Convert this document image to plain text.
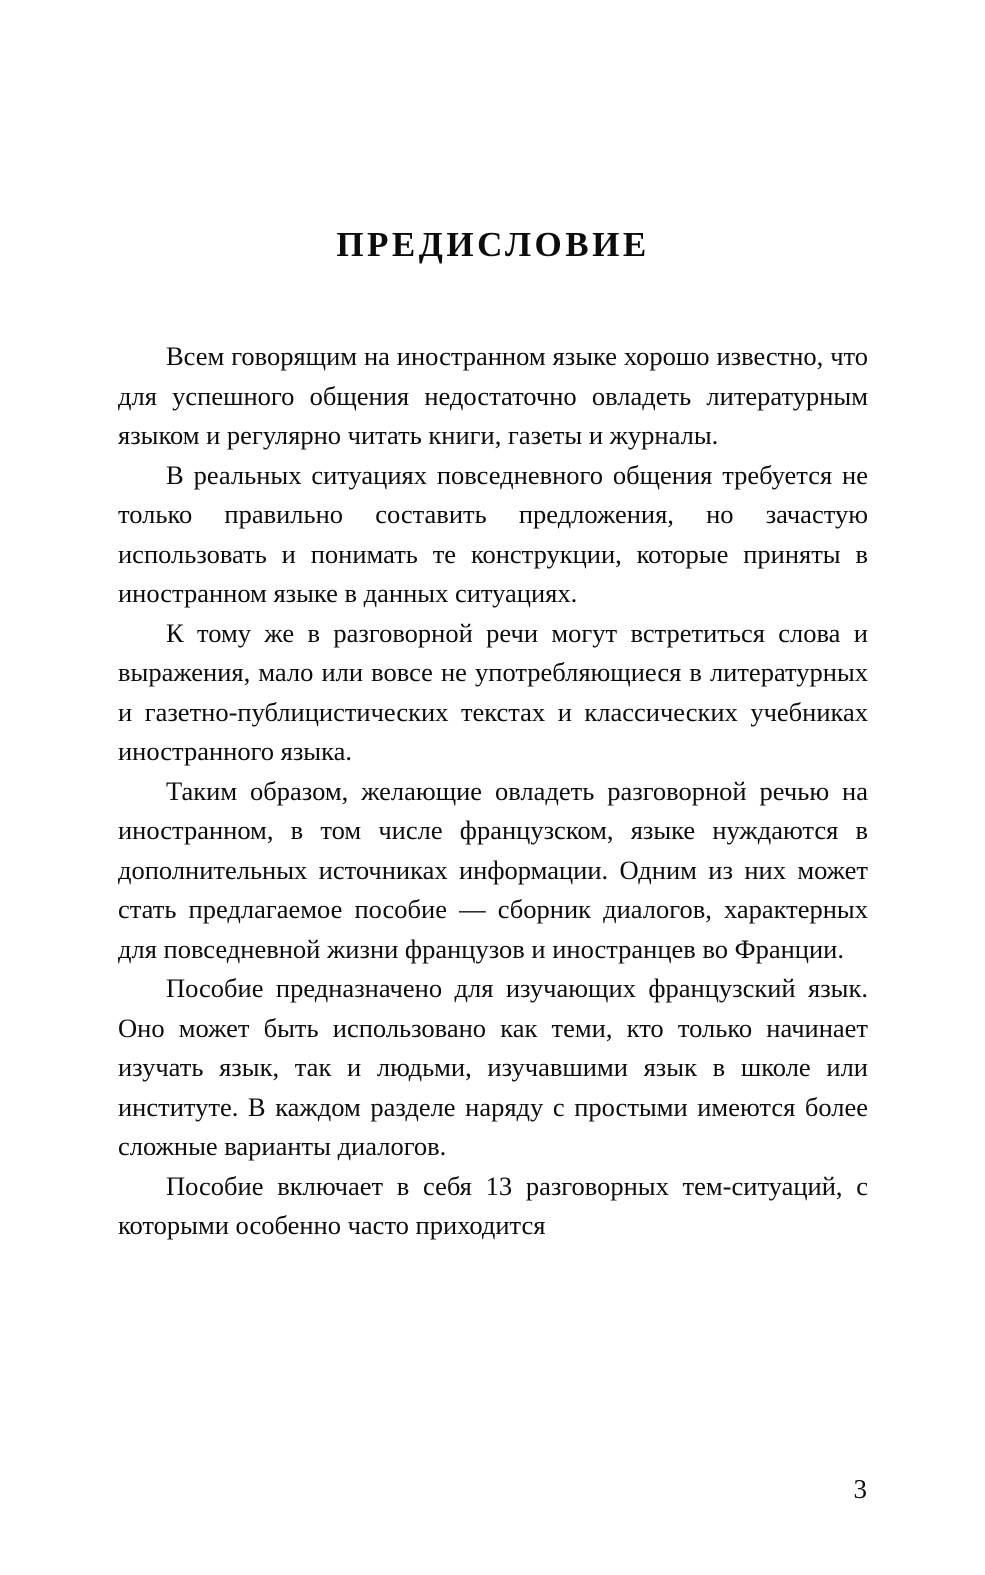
ПРЕДИСЛОВИЕ

Всем говорящим на иностранном языке хорошо известно, что для успешного общения недостаточно овладеть литературным языком и регулярно читать книги, газеты и журналы.

В реальных ситуациях повседневного общения требуется не только правильно составить предложения, но зачастую использовать и понимать те конструкции, которые приняты в иностранном языке в данных ситуациях.

К тому же в разговорной речи могут встретиться слова и выражения, мало или вовсе не употребляющиеся в литературных и газетно-публицистических текстах и классических учебниках иностранного языка.

Таким образом, желающие овладеть разговорной речью на иностранном, в том числе французском, языке нуждаются в дополнительных источниках информации. Одним из них может стать предлагаемое пособие — сборник диалогов, характерных для повседневной жизни французов и иностранцев во Франции.

Пособие предназначено для изучающих французский язык. Оно может быть использовано как теми, кто только начинает изучать язык, так и людьми, изучавшими язык в школе или институте. В каждом разделе наряду с простыми имеются более сложные варианты диалогов.

Пособие включает в себя 13 разговорных тем-ситуаций, с которыми особенно часто приходится

3
